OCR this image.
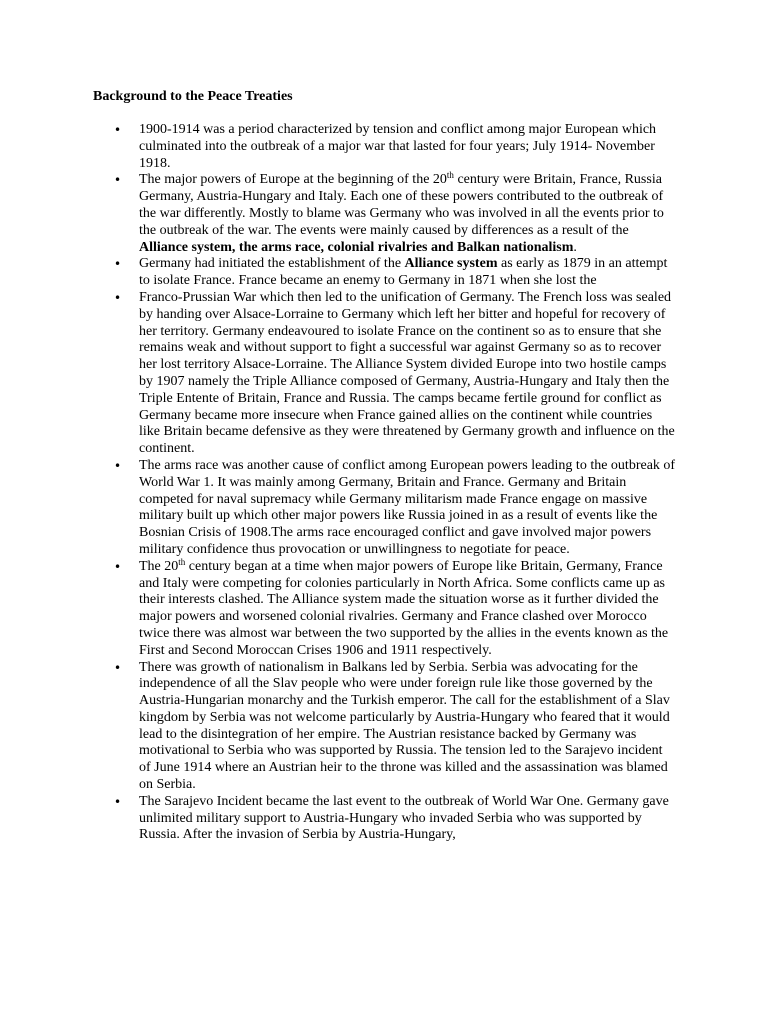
Background to the Peace Treaties
• 1900-1914 was a period characterized by tension and conflict among major European which culminated into the outbreak of a major war that lasted for four years; July 1914- November 1918.
• The major powers of Europe at the beginning of the 20th century were Britain, France, Russia Germany, Austria-Hungary and Italy. Each one of these powers contributed to the outbreak of the war differently. Mostly to blame was Germany who was involved in all the events prior to the outbreak of the war. The events were mainly caused by differences as a result of the Alliance system, the arms race, colonial rivalries and Balkan nationalism.
• Germany had initiated the establishment of the Alliance system as early as 1879 in an attempt to isolate France. France became an enemy to Germany in 1871 when she lost the
• Franco-Prussian War which then led to the unification of Germany. The French loss was sealed by handing over Alsace-Lorraine to Germany which left her bitter and hopeful for recovery of her territory. Germany endeavoured to isolate France on the continent so as to ensure that she remains weak and without support to fight a successful war against Germany so as to recover her lost territory Alsace-Lorraine. The Alliance System divided Europe into two hostile camps by 1907 namely the Triple Alliance composed of Germany, Austria-Hungary and Italy then the Triple Entente of Britain, France and Russia. The camps became fertile ground for conflict as Germany became more insecure when France gained allies on the continent while countries like Britain became defensive as they were threatened by Germany growth and influence on the continent.
• The arms race was another cause of conflict among European powers leading to the outbreak of World War 1. It was mainly among Germany, Britain and France. Germany and Britain competed for naval supremacy while Germany militarism made France engage on massive military built up which other major powers like Russia joined in as a result of events like the Bosnian Crisis of 1908.The arms race encouraged conflict and gave involved major powers military confidence thus provocation or unwillingness to negotiate for peace.
• The 20th century began at a time when major powers of Europe like Britain, Germany, France and Italy were competing for colonies particularly in North Africa. Some conflicts came up as their interests clashed. The Alliance system made the situation worse as it further divided the major powers and worsened colonial rivalries. Germany and France clashed over Morocco twice there was almost war between the two supported by the allies in the events known as the First and Second Moroccan Crises 1906 and 1911 respectively.
• There was growth of nationalism in Balkans led by Serbia. Serbia was advocating for the independence of all the Slav people who were under foreign rule like those governed by the Austria-Hungarian monarchy and the Turkish emperor. The call for the establishment of a Slav kingdom by Serbia was not welcome particularly by Austria-Hungary who feared that it would lead to the disintegration of her empire. The Austrian resistance backed by Germany was motivational to Serbia who was supported by Russia. The tension led to the Sarajevo incident of June 1914 where an Austrian heir to the throne was killed and the assassination was blamed on Serbia.
• The Sarajevo Incident became the last event to the outbreak of World War One. Germany gave unlimited military support to Austria-Hungary who invaded Serbia who was supported by Russia. After the invasion of Serbia by Austria-Hungary,
